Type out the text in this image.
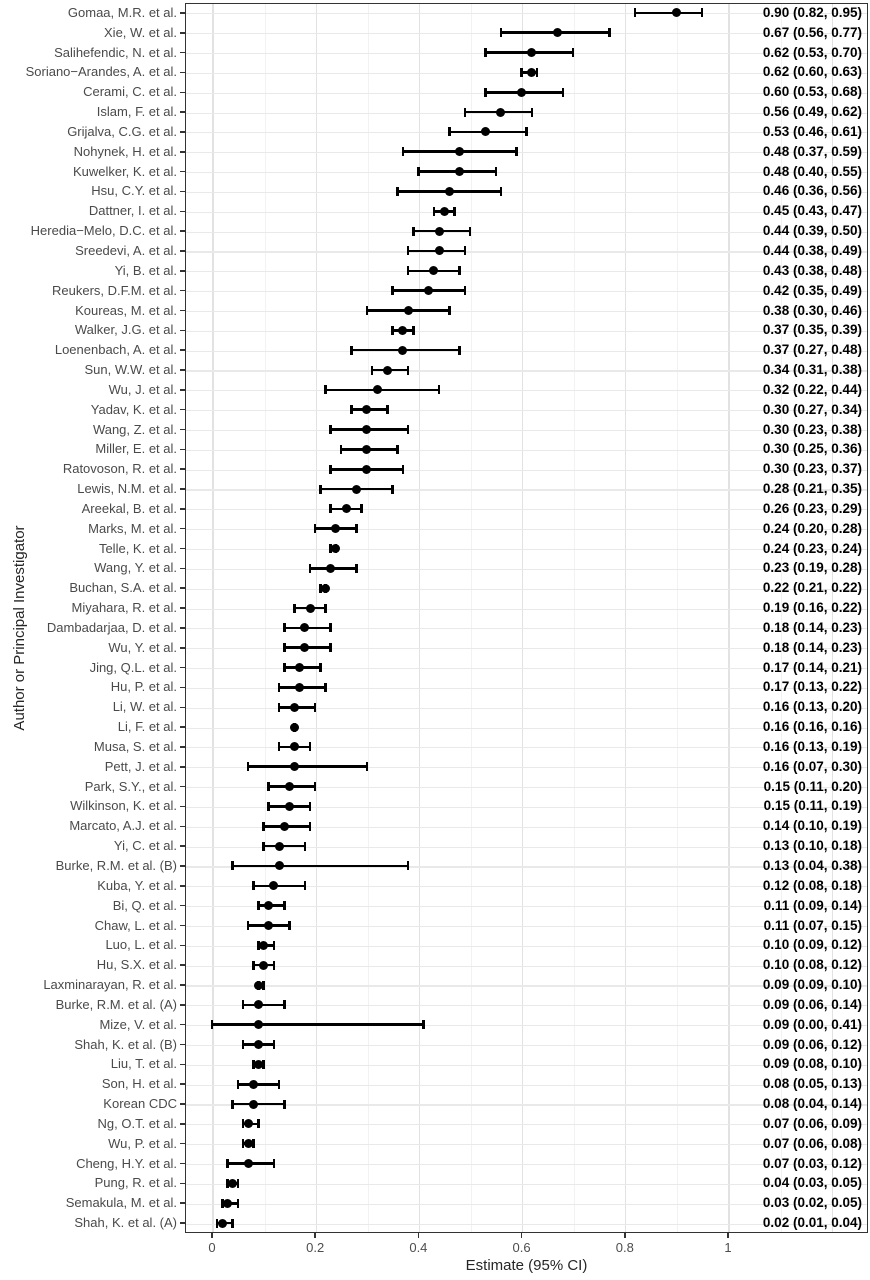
Author or Principal Investigator
Gomaa, M.R. et al.	0.90 (0.82, 0.95)
Xie, W. et al.	0.67 (0.56, 0.77)
Salihefendic, N. et al.	0.62 (0.53, 0.70)
Soriano−Arandes, A. et al.	0.62 (0.60, 0.63)
Cerami, C. et al.	0.60 (0.53, 0.68)
Islam, F. et al.	0.56 (0.49, 0.62)
Grijalva, C.G. et al.	0.53 (0.46, 0.61)
Nohynek, H. et al.	0.48 (0.37, 0.59)
Kuwelker, K. et al.	0.48 (0.40, 0.55)
Hsu, C.Y. et al.	0.46 (0.36, 0.56)
Dattner, I. et al.	0.45 (0.43, 0.47)
Heredia−Melo, D.C. et al.	0.44 (0.39, 0.50)
Sreedevi, A. et al.	0.44 (0.38, 0.49)
Yi, B. et al.	0.43 (0.38, 0.48)
Reukers, D.F.M. et al.	0.42 (0.35, 0.49)
Koureas, M. et al.	0.38 (0.30, 0.46)
Walker, J.G. et al.	0.37 (0.35, 0.39)
Loenenbach, A. et al.	0.37 (0.27, 0.48)
Sun, W.W. et al.	0.34 (0.31, 0.38)
Wu, J. et al.	0.32 (0.22, 0.44)
Yadav, K. et al.	0.30 (0.27, 0.34)
Wang, Z. et al.	0.30 (0.23, 0.38)
Miller, E. et al.	0.30 (0.25, 0.36)
Ratovoson, R. et al.	0.30 (0.23, 0.37)
Lewis, N.M. et al.	0.28 (0.21, 0.35)
Areekal, B. et al.	0.26 (0.23, 0.29)
Marks, M. et al.	0.24 (0.20, 0.28)
Telle, K. et al.	0.24 (0.23, 0.24)
Wang, Y. et al.	0.23 (0.19, 0.28)
Buchan, S.A. et al.	0.22 (0.21, 0.22)
Miyahara, R. et al.	0.19 (0.16, 0.22)
Dambadarjaa, D. et al.	0.18 (0.14, 0.23)
Wu, Y. et al.	0.18 (0.14, 0.23)
Jing, Q.L. et al.	0.17 (0.14, 0.21)
Hu, P. et al.	0.17 (0.13, 0.22)
Li, W. et al.	0.16 (0.13, 0.20)
Li, F. et al.	0.16 (0.16, 0.16)
Musa, S. et al.	0.16 (0.13, 0.19)
Pett, J. et al.	0.16 (0.07, 0.30)
Park, S.Y., et al.	0.15 (0.11, 0.20)
Wilkinson, K. et al.	0.15 (0.11, 0.19)
Marcato, A.J. et al.	0.14 (0.10, 0.19)
Yi, C. et al.	0.13 (0.10, 0.18)
Burke, R.M. et al. (B)	0.13 (0.04, 0.38)
Kuba, Y. et al.	0.12 (0.08, 0.18)
Bi, Q. et al.	0.11 (0.09, 0.14)
Chaw, L. et al.	0.11 (0.07, 0.15)
Luo, L. et al.	0.10 (0.09, 0.12)
Hu, S.X. et al.	0.10 (0.08, 0.12)
Laxminarayan, R. et al.	0.09 (0.09, 0.10)
Burke, R.M. et al. (A)	0.09 (0.06, 0.14)
Mize, V. et al.	0.09 (0.00, 0.41)
Shah, K. et al. (B)	0.09 (0.06, 0.12)
Liu, T. et al.	0.09 (0.08, 0.10)
Son, H. et al.	0.08 (0.05, 0.13)
Korean CDC	0.08 (0.04, 0.14)
Ng, O.T. et al.	0.07 (0.06, 0.09)
Wu, P. et al.	0.07 (0.06, 0.08)
Cheng, H.Y. et al.	0.07 (0.03, 0.12)
Pung, R. et al.	0.04 (0.03, 0.05)
Semakula, M. et al.	0.03 (0.02, 0.05)
Shah, K. et al. (A)	0.02 (0.01, 0.04)
0	0.2	0.4	0.6	0.8	1
Estimate (95% CI)
